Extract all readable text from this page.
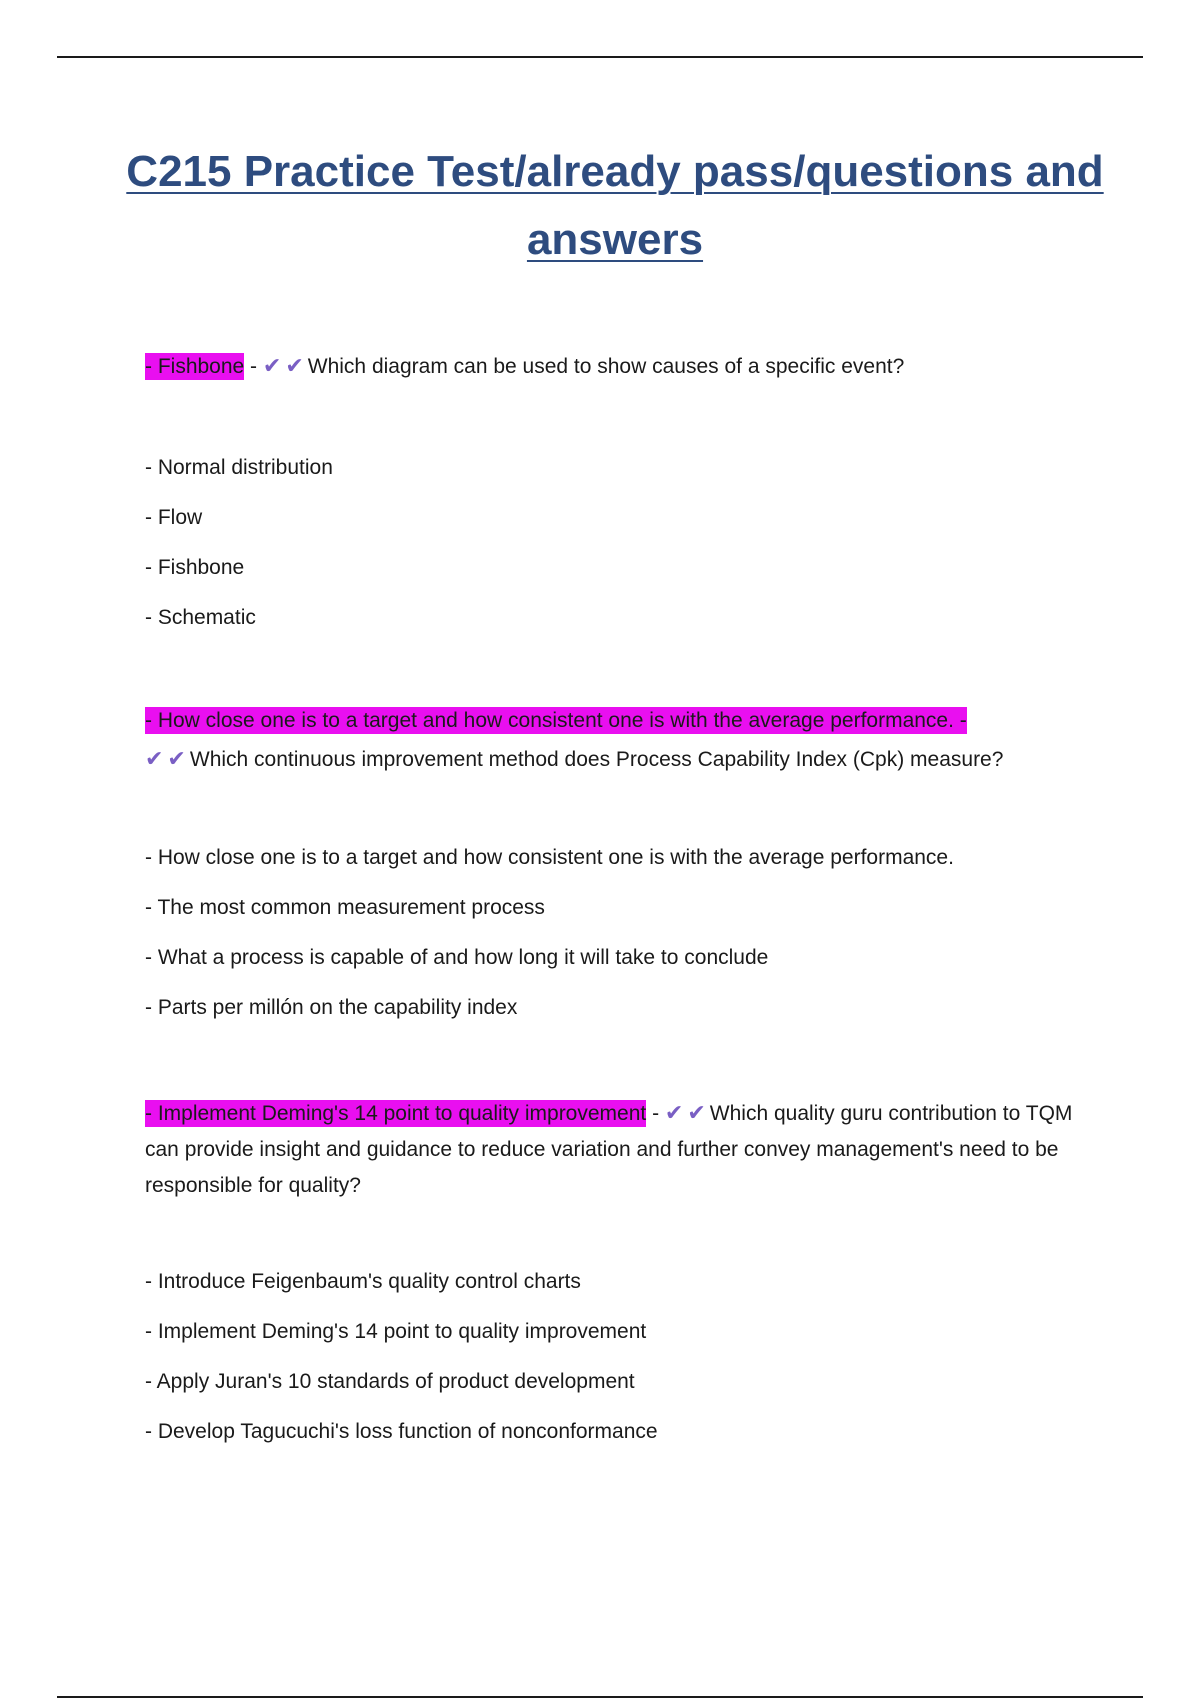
C215 Practice Test/already pass/questions and answers
- Fishbone - ✔✔Which diagram can be used to show causes of a specific event?
- Normal distribution
- Flow
- Fishbone
- Schematic
- How close one is to a target and how consistent one is with the average performance. -
✔✔Which continuous improvement method does Process Capability Index (Cpk) measure?
- How close one is to a target and how consistent one is with the average performance.
- The most common measurement process
- What a process is capable of and how long it will take to conclude
- Parts per millón on the capability index
- Implement Deming's 14 point to quality improvement - ✔✔Which quality guru contribution to TQM can provide insight and guidance to reduce variation and further convey management's need to be responsible for quality?
- Introduce Feigenbaum's quality control charts
- Implement Deming's 14 point to quality improvement
- Apply Juran's 10 standards of product development
- Develop Tagucuchi's loss function of nonconformance
